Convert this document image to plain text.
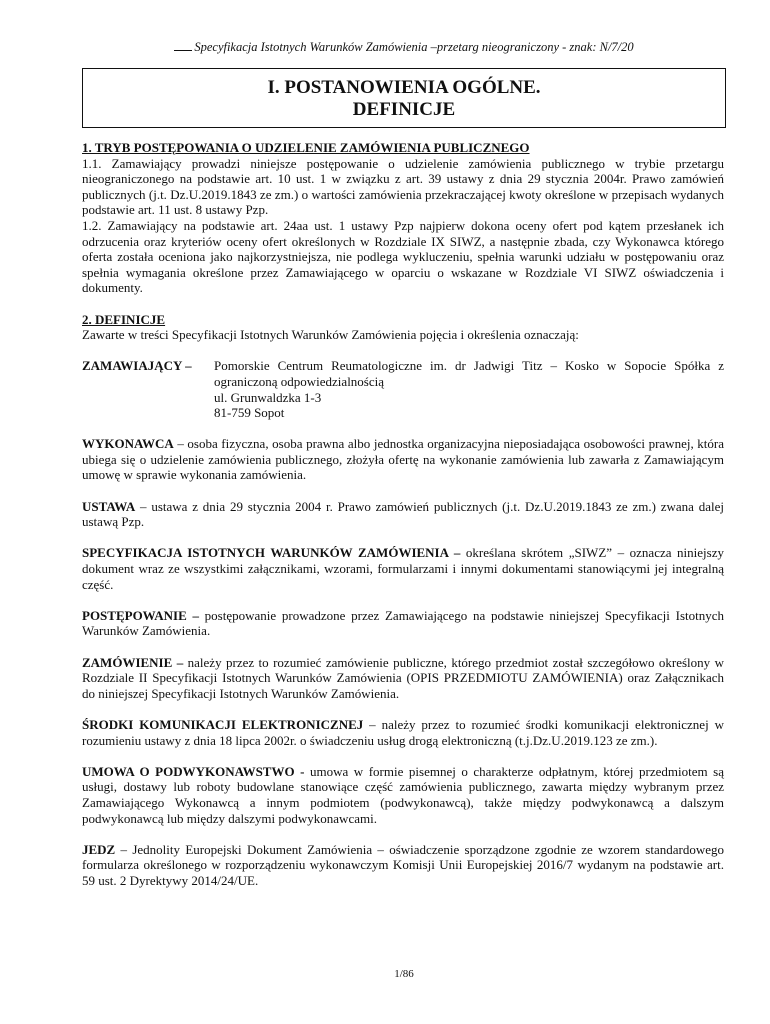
Specyfikacja Istotnych Warunków Zamówienia –przetarg nieograniczony - znak: N/7/20
I. POSTANOWIENIA OGÓLNE.
DEFINICJE
1. TRYB POSTĘPOWANIA O UDZIELENIE ZAMÓWIENIA PUBLICZNEGO

1.1. Zamawiający prowadzi niniejsze postępowanie o udzielenie zamówienia publicznego w trybie przetargu nieograniczonego na podstawie art. 10 ust. 1 w związku z art. 39 ustawy z dnia 29 stycznia 2004r. Prawo zamówień publicznych (j.t. Dz.U.2019.1843 ze zm.) o wartości zamówienia przekraczającej kwoty określone w przepisach wydanych podstawie art. 11 ust. 8 ustawy Pzp.

1.2. Zamawiający na podstawie art. 24aa ust. 1 ustawy Pzp najpierw dokona oceny ofert pod kątem przesłanek ich odrzucenia oraz kryteriów oceny ofert określonych w Rozdziale IX SIWZ, a następnie zbada, czy Wykonawca którego oferta została oceniona jako najkorzystniejsza, nie podlega wykluczeniu, spełnia warunki udziału w postępowaniu oraz spełnia wymagania określone przez Zamawiającego w oparciu o wskazane w Rozdziale VI SIWZ oświadczenia i dokumenty.

2. DEFINICJE

Zawarte w treści Specyfikacji Istotnych Warunków Zamówienia pojęcia i określenia oznaczają:

ZAMAWIAJĄCY –	Pomorskie Centrum Reumatologiczne im. dr Jadwigi Titz – Kosko w Sopocie Spółka z ograniczoną odpowiedzialnością
ul. Grunwaldzka 1-3
81-759 Sopot

WYKONAWCA – osoba fizyczna, osoba prawna albo jednostka organizacyjna nieposiadająca osobowości prawnej, która ubiega się o udzielenie zamówienia publicznego, złożyła ofertę na wykonanie zamówienia lub zawarła z Zamawiającym umowę w sprawie wykonania zamówienia.

USTAWA – ustawa z dnia 29 stycznia 2004 r. Prawo zamówień publicznych (j.t. Dz.U.2019.1843 ze zm.) zwana dalej ustawą Pzp.

SPECYFIKACJA ISTOTNYCH WARUNKÓW ZAMÓWIENIA – określana skrótem „SIWZ” – oznacza niniejszy dokument wraz ze wszystkimi załącznikami, wzorami, formularzami i innymi dokumentami stanowiącymi jej integralną część.

POSTĘPOWANIE – postępowanie prowadzone przez Zamawiającego na podstawie niniejszej Specyfikacji Istotnych Warunków Zamówienia.

ZAMÓWIENIE – należy przez to rozumieć zamówienie publiczne, którego przedmiot został szczegółowo określony w Rozdziale II Specyfikacji Istotnych Warunków Zamówienia (OPIS PRZEDMIOTU ZAMÓWIENIA) oraz Załącznikach do niniejszej Specyfikacji Istotnych Warunków Zamówienia.

ŚRODKI KOMUNIKACJI ELEKTRONICZNEJ – należy przez to rozumieć środki komunikacji elektronicznej w rozumieniu ustawy z dnia 18 lipca 2002r. o świadczeniu usług drogą elektroniczną (t.j.Dz.U.2019.123 ze zm.).

UMOWA O PODWYKONAWSTWO - umowa w formie pisemnej o charakterze odpłatnym, której przedmiotem są usługi, dostawy lub roboty budowlane stanowiące część zamówienia publicznego, zawarta między wybranym przez Zamawiającego Wykonawcą a innym podmiotem (podwykonawcą), także między podwykonawcą a dalszym podwykonawcą lub między dalszymi podwykonawcami.

JEDZ – Jednolity Europejski Dokument Zamówienia – oświadczenie sporządzone zgodnie ze wzorem standardowego formularza określonego w rozporządzeniu wykonawczym Komisji Unii Europejskiej 2016/7 wydanym na podstawie art. 59 ust. 2 Dyrektywy 2014/24/UE.

1/86
